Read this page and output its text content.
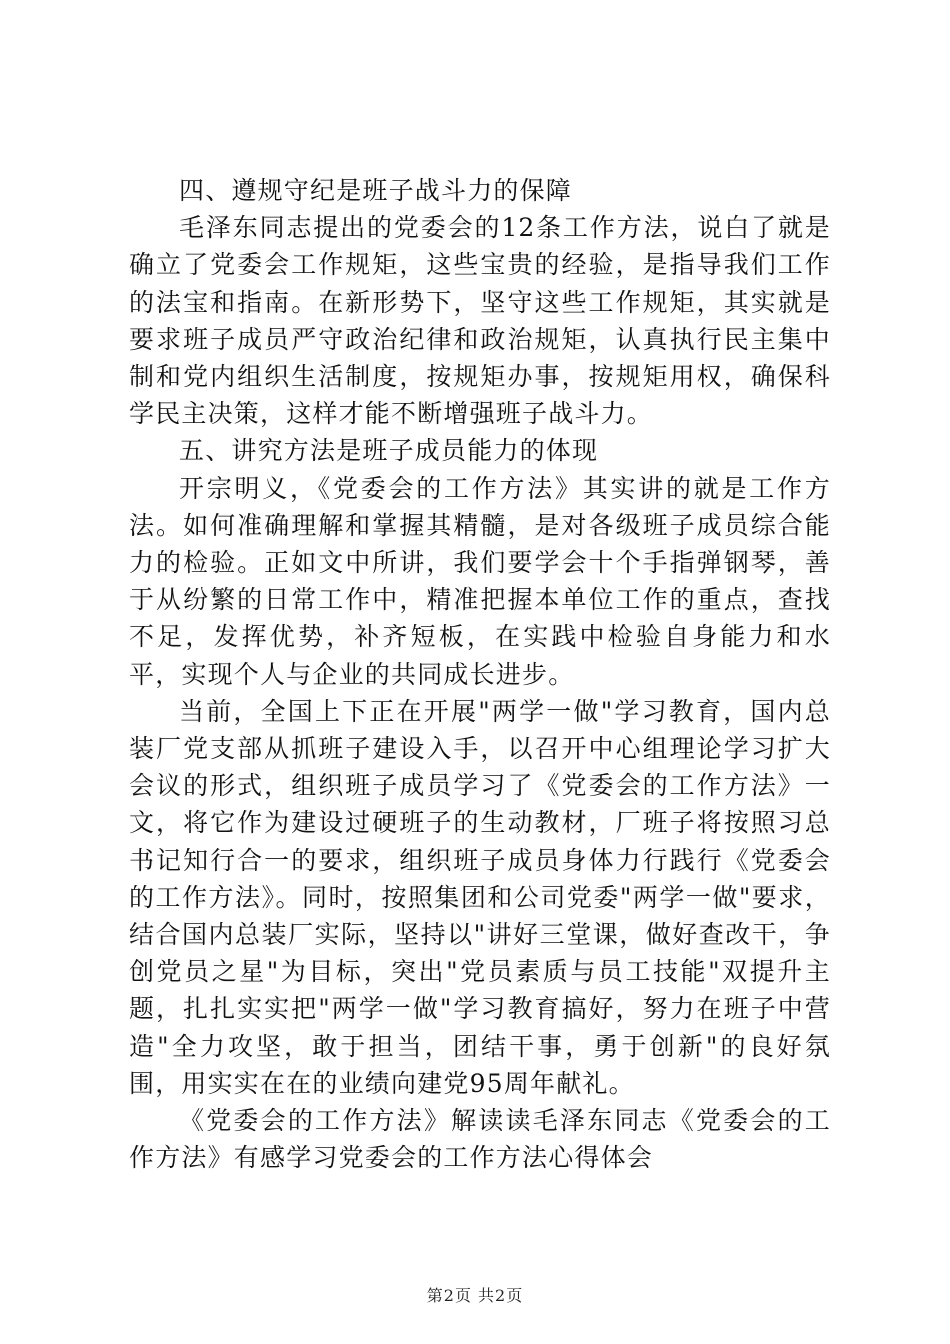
四、遵规守纪是班子战斗力的保障

毛泽东同志提出的党委会的12条工作方法，说白了就是确立了党委会工作规矩，这些宝贵的经验，是指导我们工作的法宝和指南。在新形势下，坚守这些工作规矩，其实就是要求班子成员严守政治纪律和政治规矩，认真执行民主集中制和党内组织生活制度，按规矩办事，按规矩用权，确保科学民主决策，这样才能不断增强班子战斗力。

五、讲究方法是班子成员能力的体现

开宗明义，《党委会的工作方法》其实讲的就是工作方法。如何准确理解和掌握其精髓，是对各级班子成员综合能力的检验。正如文中所讲，我们要学会十个手指弹钢琴，善于从纷繁的日常工作中，精准把握本单位工作的重点，查找不足，发挥优势，补齐短板，在实践中检验自身能力和水平，实现个人与企业的共同成长进步。

当前，全国上下正在开展"两学一做"学习教育，国内总装厂党支部从抓班子建设入手，以召开中心组理论学习扩大会议的形式，组织班子成员学习了《党委会的工作方法》一文，将它作为建设过硬班子的生动教材，厂班子将按照习总书记知行合一的要求，组织班子成员身体力行践行《党委会的工作方法》。同时，按照集团和公司党委"两学一做"要求，结合国内总装厂实际，坚持以"讲好三堂课，做好查改干，争创党员之星"为目标，突出"党员素质与员工技能"双提升主题，扎扎实实把"两学一做"学习教育搞好，努力在班子中营造"全力攻坚，敢于担当，团结干事，勇于创新"的良好氛围，用实实在在的业绩向建党95周年献礼。

《党委会的工作方法》解读读毛泽东同志《党委会的工作方法》有感学习党委会的工作方法心得体会

第2页 共2页
